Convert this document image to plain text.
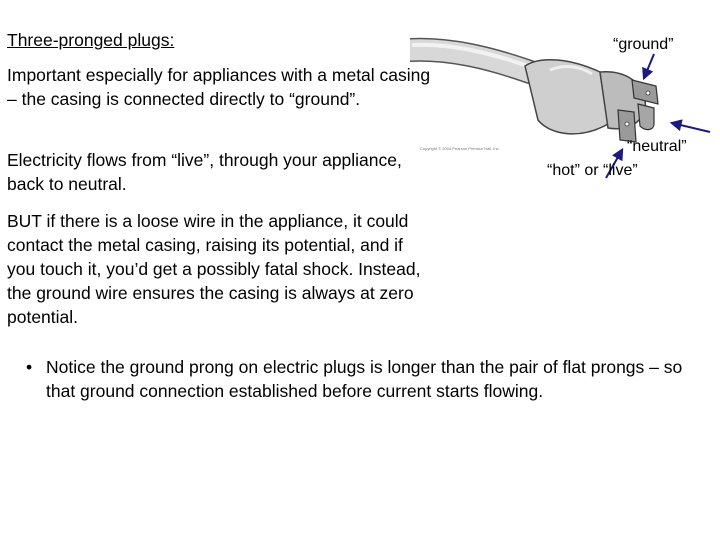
Three-pronged plugs:

Important especially for appliances with a metal casing – the casing is connected directly to “ground”.

Electricity flows from “live”, through your appliance, back to neutral.

BUT if there is a loose wire in the appliance, it could contact the metal casing, raising its potential, and if you touch it, you’d get a possibly fatal shock. Instead, the ground wire ensures the casing is always at zero potential.

• Notice the ground prong on electric plugs is longer than the pair of flat prongs – so that ground connection established before current starts flowing.
Copyright © 2004 Pearson Prentice Hall, Inc.
“ground”
“neutral”
“hot” or “live”
